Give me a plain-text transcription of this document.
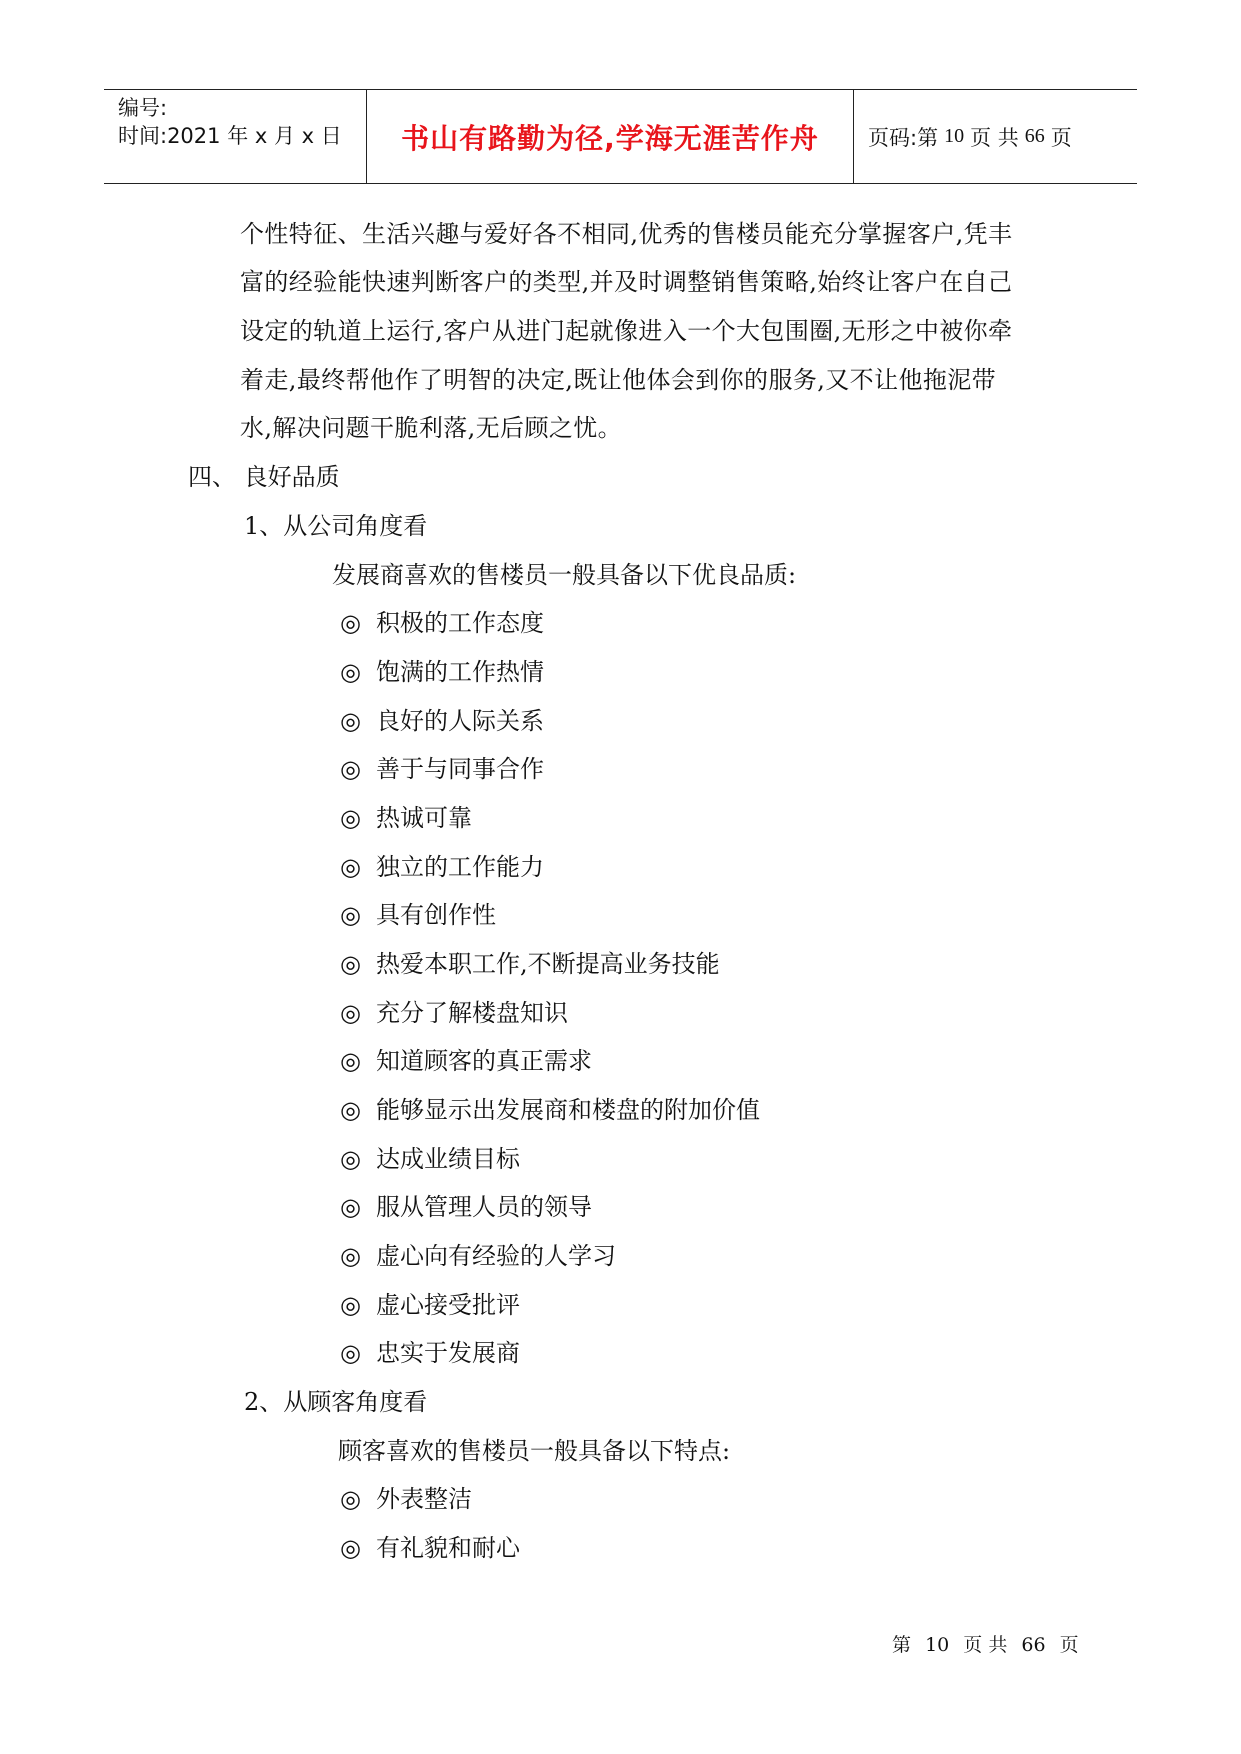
编号:
时间:2021 年 x 月 x 日	书山有路勤为径,学海无涯苦作舟	页码:第 10 页 共 66 页
个性特征、生活兴趣与爱好各不相同,优秀的售楼员能充分掌握客户,凭丰
富的经验能快速判断客户的类型,并及时调整销售策略,始终让客户在自己
设定的轨道上运行,客户从进门起就像进入一个大包围圈,无形之中被你牵
着走,最终帮他作了明智的决定,既让他体会到你的服务,又不让他拖泥带
水,解决问题干脆利落,无后顾之忧。
四、 良好品质
1、从公司角度看
发展商喜欢的售楼员一般具备以下优良品质:
◎ 积极的工作态度
◎ 饱满的工作热情
◎ 良好的人际关系
◎ 善于与同事合作
◎ 热诚可靠
◎ 独立的工作能力
◎ 具有创作性
◎ 热爱本职工作,不断提高业务技能
◎ 充分了解楼盘知识
◎ 知道顾客的真正需求
◎ 能够显示出发展商和楼盘的附加价值
◎ 达成业绩目标
◎ 服从管理人员的领导
◎ 虚心向有经验的人学习
◎ 虚心接受批评
◎ 忠实于发展商
2、从顾客角度看
顾客喜欢的售楼员一般具备以下特点:
◎ 外表整洁
◎ 有礼貌和耐心
第 10 页 共 66 页
